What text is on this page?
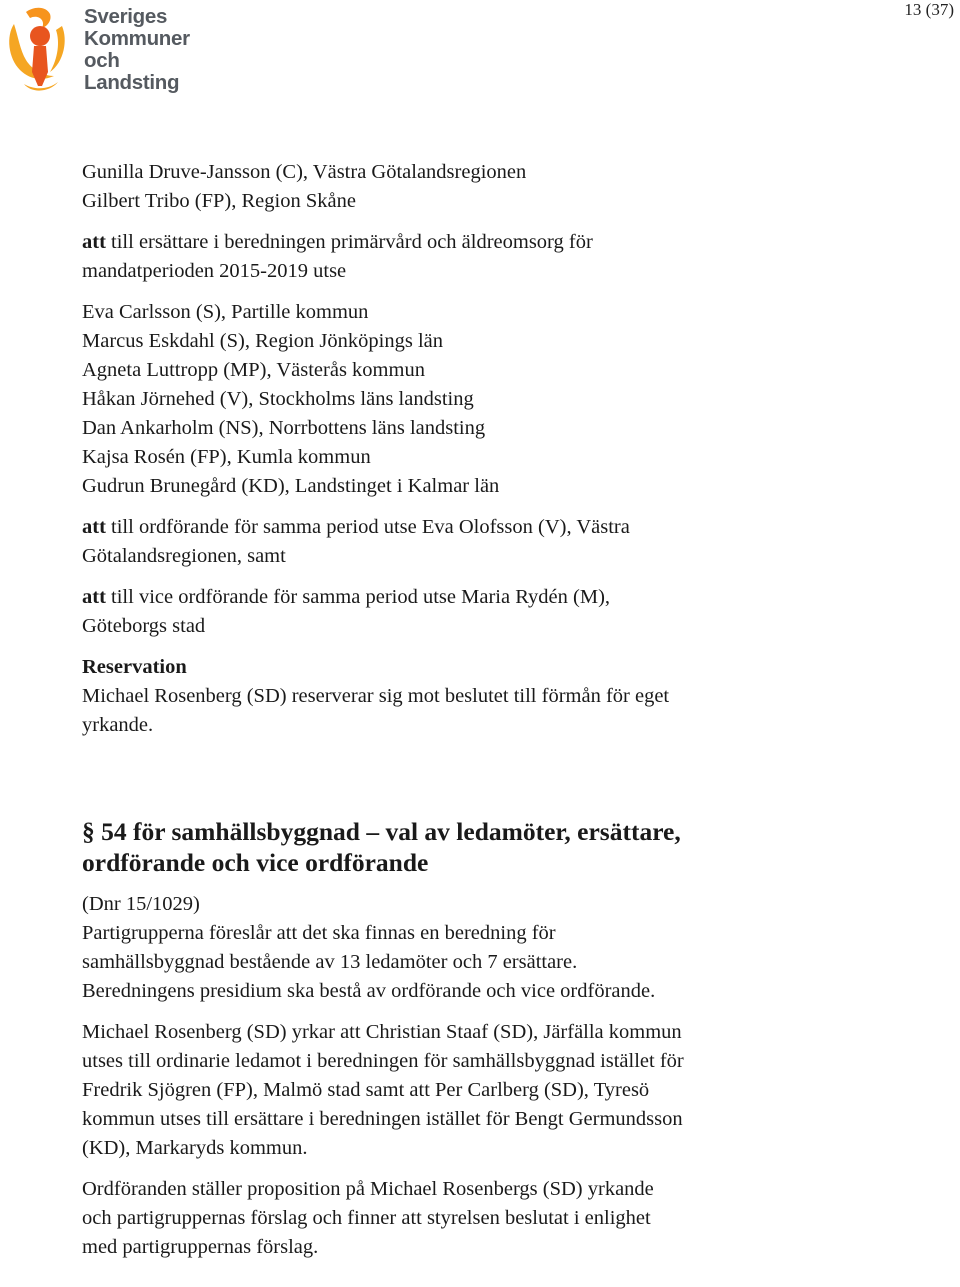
Sveriges
Kommuner
och Landsting
13 (37)

Gunilla Druve-Jansson (C), Västra Götalandsregionen

Gilbert Tribo (FP), Region Skåne

att till ersättare i beredningen primärvård och äldreomsorg för

mandatperioden 2015-2019 utse

Eva Carlsson (S), Partille kommun

Marcus Eskdahl (S), Region Jönköpings län

Agneta Luttropp (MP), Västerås kommun

Håkan Jörnehed (V), Stockholms läns landsting

Dan Ankarholm (NS), Norrbottens läns landsting

Kajsa Rosén (FP), Kumla kommun

Gudrun Brunegård (KD), Landstinget i Kalmar län

att till ordförande för samma period utse Eva Olofsson (V), Västra

Götalandsregionen, samt

att till vice ordförande för samma period utse Maria Rydén (M),

Göteborgs stad

Reservation

Michael Rosenberg (SD) reserverar sig mot beslutet till förmån för eget

yrkande.

§ 54 för samhällsbyggnad – val av ledamöter, ersättare,
ordförande och vice ordförande

(Dnr 15/1029)

Partigrupperna föreslår att det ska finnas en beredning för

samhällsbyggnad bestående av 13 ledamöter och 7 ersättare.

Beredningens presidium ska bestå av ordförande och vice ordförande.

Michael Rosenberg (SD) yrkar att Christian Staaf (SD), Järfälla kommun

utses till ordinarie ledamot i beredningen för samhällsbyggnad istället för

Fredrik Sjögren (FP), Malmö stad samt att Per Carlberg (SD), Tyresö

kommun utses till ersättare i beredningen istället för Bengt Germundsson

(KD), Markaryds kommun.

Ordföranden ställer proposition på Michael Rosenbergs (SD) yrkande

och partigruppernas förslag och finner att styrelsen beslutat i enlighet

med partigruppernas förslag.
